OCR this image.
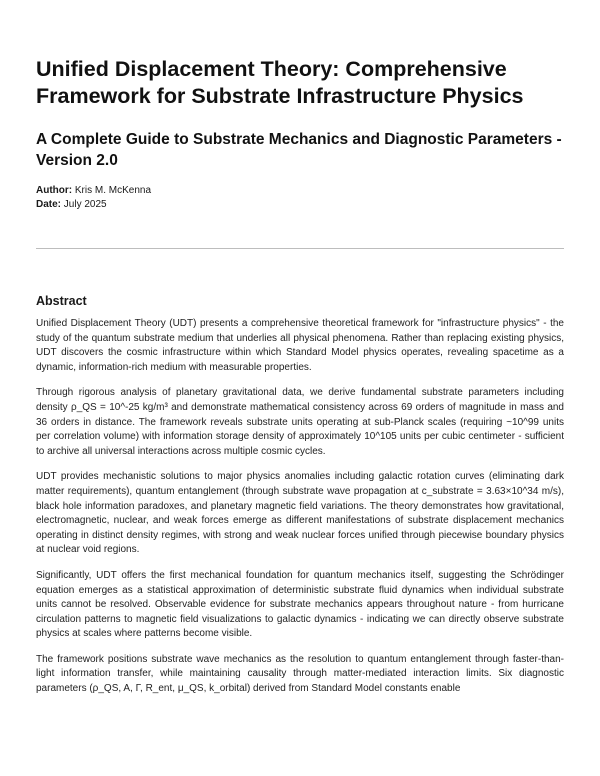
Unified Displacement Theory: Comprehensive Framework for Substrate Infrastructure Physics
A Complete Guide to Substrate Mechanics and Diagnostic Parameters - Version 2.0
Author: Kris M. McKenna
Date: July 2025
Abstract

Unified Displacement Theory (UDT) presents a comprehensive theoretical framework for "infrastructure physics" - the study of the quantum substrate medium that underlies all physical phenomena. Rather than replacing existing physics, UDT discovers the cosmic infrastructure within which Standard Model physics operates, revealing spacetime as a dynamic, information-rich medium with measurable properties.

Through rigorous analysis of planetary gravitational data, we derive fundamental substrate parameters including density ρ_QS = 10^-25 kg/m³ and demonstrate mathematical consistency across 69 orders of magnitude in mass and 36 orders in distance. The framework reveals substrate units operating at sub-Planck scales (requiring ~10^99 units per correlation volume) with information storage density of approximately 10^105 units per cubic centimeter - sufficient to archive all universal interactions across multiple cosmic cycles.

UDT provides mechanistic solutions to major physics anomalies including galactic rotation curves (eliminating dark matter requirements), quantum entanglement (through substrate wave propagation at c_substrate = 3.63×10^34 m/s), black hole information paradoxes, and planetary magnetic field variations. The theory demonstrates how gravitational, electromagnetic, nuclear, and weak forces emerge as different manifestations of substrate displacement mechanics operating in distinct density regimes, with strong and weak nuclear forces unified through piecewise boundary physics at nuclear void regions.

Significantly, UDT offers the first mechanical foundation for quantum mechanics itself, suggesting the Schrödinger equation emerges as a statistical approximation of deterministic substrate fluid dynamics when individual substrate units cannot be resolved. Observable evidence for substrate mechanics appears throughout nature - from hurricane circulation patterns to magnetic field visualizations to galactic dynamics - indicating we can directly observe substrate physics at scales where patterns become visible.

The framework positions substrate wave mechanics as the resolution to quantum entanglement through faster-than-light information transfer, while maintaining causality through matter-mediated interaction limits. Six diagnostic parameters (ρ_QS, A, Γ, R_ent, μ_QS, k_orbital) derived from Standard Model constants enable
